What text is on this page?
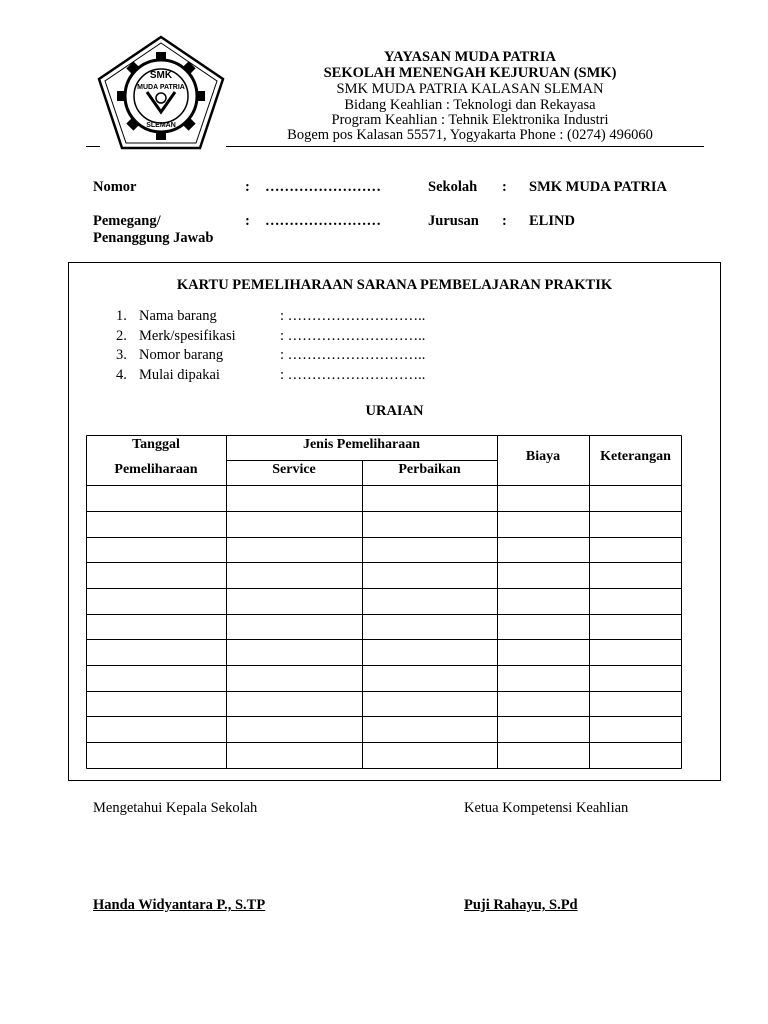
SMK
MUDA PATRIA
SLEMAN
YAYASAN MUDA PATRIA
SEKOLAH MENENGAH KEJURUAN (SMK)
SMK MUDA PATRIA KALASAN SLEMAN
Bidang Keahlian : Teknologi dan Rekayasa
Program Keahlian : Tehnik Elektronika Industri
Bogem pos Kalasan 55571, Yogyakarta Phone : (0274) 496060
Nomor	: ……………………
Pemegang/
Penanggung Jawab
: ……………………
Sekolah : SMK MUDA PATRIA
Jurusan : ELIND
KARTU PEMELIHARAAN SARANA PEMBELAJARAN PRAKTIK
1. Nama barang	: ………………………..
2. Merk/spesifikasi	: ………………………..
3. Nomor barang	: ………………………..
4. Mulai dipakai	: ………………………..
URAIAN
Tanggal
Pemeliharaan
Jenis Pemeliharaan
Service	Perbaikan
Biaya	Keterangan
Mengetahui Kepala Sekolah	Ketua Kompetensi Keahlian
Handa Widyantara P., S.TP	Puji Rahayu, S.Pd
